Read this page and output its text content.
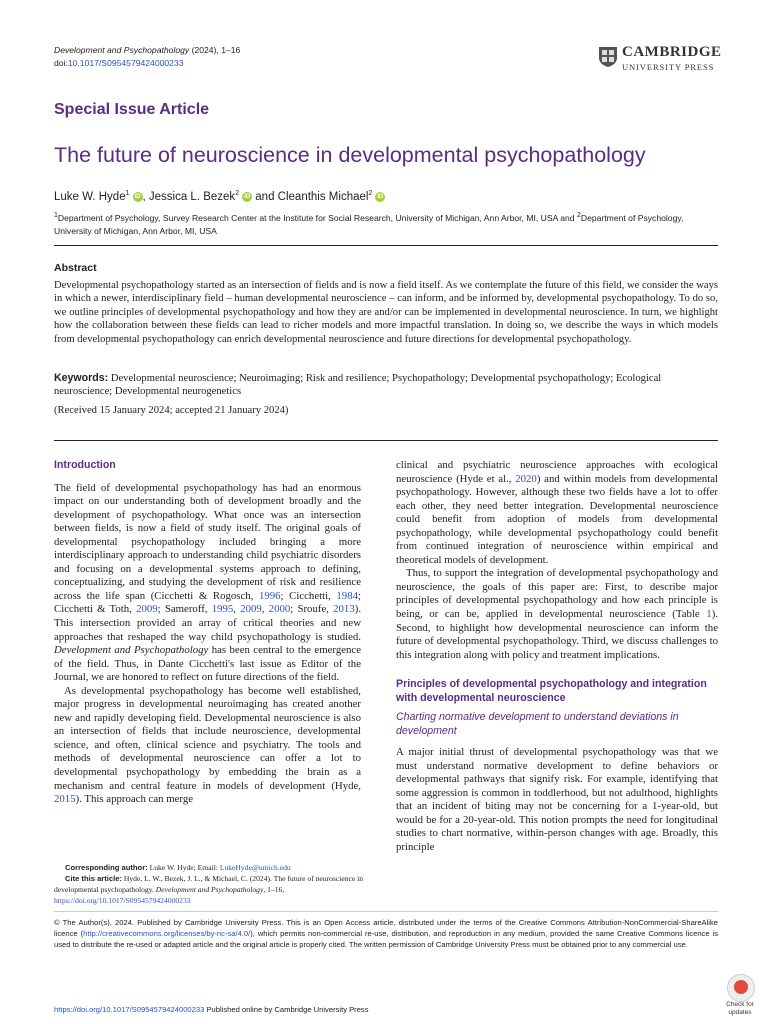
Development and Psychopathology (2024), 1–16
doi:10.1017/S0954579424000233
CAMBRIDGE
UNIVERSITY PRESS
Special Issue Article
The future of neuroscience in developmental psychopathology
Luke W. Hyde$^1$ iD , Jessica L. Bezek$^2$ iD and Cleanthis Michael$^2$ iD
$^1$Department of Psychology, Survey Research Center at the Institute for Social Research, University of Michigan, Ann Arbor, MI, USA and $^2$Department of Psychology, University of Michigan, Ann Arbor, MI, USA
Abstract
Developmental psychopathology started as an intersection of fields and is now a field itself. As we contemplate the future of this field, we consider the ways in which a newer, interdisciplinary field – human developmental neuroscience – can inform, and be informed by, developmental psychopathology. To do so, we outline principles of developmental psychopathology and how they are and/or can be implemented in developmental neuroscience. In turn, we highlight how the collaboration between these fields can lead to richer models and more impactful translation. In doing so, we describe the ways in which models from developmental psychopathology can enrich developmental neuroscience and future directions for developmental psychopathology.
Keywords: Developmental neuroscience; Neuroimaging; Risk and resilience; Psychopathology; Developmental psychopathology; Ecological neuroscience; Developmental neurogenetics
(Received 15 January 2024; accepted 21 January 2024)
Introduction

The field of developmental psychopathology has had an enormous impact on our understanding both of development broadly and the development of psychopathology. What once was an intersection between fields, is now a field of study itself. The original goals of developmental psychopathology included bringing a more interdisciplinary approach to understanding child psychiatric disorders and focusing on a developmental systems approach to defining, conceptualizing, and studying the development of risk and resilience across the life span (Cicchetti & Rogosch, 1996; Cicchetti, 1984; Cicchetti & Toth, 2009; Sameroff, 1995, 2009, 2000; Sroufe, 2013). This intersection provided an array of critical theories and new approaches that reshaped the way child psychopathology is studied. Development and Psychopathology has been central to the emergence of the field. Thus, in Dante Cicchetti's last issue as Editor of the Journal, we are honored to reflect on future directions of the field.

As developmental psychopathology has become well established, major progress in developmental neuroimaging has created another new and rapidly developing field. Developmental neuroscience is also an intersection of fields that include neuroscience, developmental science, and often, clinical science and psychiatry. The tools and methods of developmental neuroscience can offer a lot to developmental psychopathology by embedding the brain as a mechanism and central feature in models of development (Hyde, 2015). This approach can merge

clinical and psychiatric neuroscience approaches with ecological neuroscience (Hyde et al., 2020) and within models from developmental psychopathology. However, although these two fields have a lot to offer each other, they need better integration. Developmental neuroscience could benefit from adoption of models from developmental psychopathology, while developmental psychopathology could benefit from continued integration of neuroscience within empirical and theoretical models of development.

Thus, to support the integration of developmental psychopathology and neuroscience, the goals of this paper are: First, to describe major principles of developmental psychopathology and how each principle is being, or can be, applied in developmental neuroscience (Table 1). Second, to highlight how developmental neuroscience can inform the future of developmental psychopathology. Third, we discuss challenges to this integration along with policy and treatment implications.

Principles of developmental psychopathology and integration with developmental neuroscience
Charting normative development to understand deviations in development

A major initial thrust of developmental psychopathology was that we must understand normative development to define behaviors or developmental pathways that signify risk. For example, identifying that some aggression is common in toddlerhood, but not adulthood, highlights that an incident of biting may not be concerning for a 1-year-old, but would be for a 20-year-old. This notion prompts the need for longitudinal studies to chart normative, within-person changes with age. Broadly, this principle

Corresponding author: Luke W. Hyde; Email: LukeHyde@umich.edu
Cite this article: Hyde, L. W., Bezek, J. L., & Michael, C. (2024). The future of neuroscience in developmental psychopathology. Development and Psychopathology, 1–16,
https://doi.org/10.1017/S0954579424000233
© The Author(s), 2024. Published by Cambridge University Press. This is an Open Access article, distributed under the terms of the Creative Commons Attribution-NonCommercial-ShareAlike licence (http://creativecommons.org/licenses/by-nc-sa/4.0/), which permits non-commercial re-use, distribution, and reproduction in any medium, provided the same Creative Commons licence is used to distribute the re-used or adapted article and the original article is properly cited. The written permission of Cambridge University Press must be obtained prior to any commercial use.
https://doi.org/10.1017/S0954579424000233 Published online by Cambridge University Press
Check for
updates
